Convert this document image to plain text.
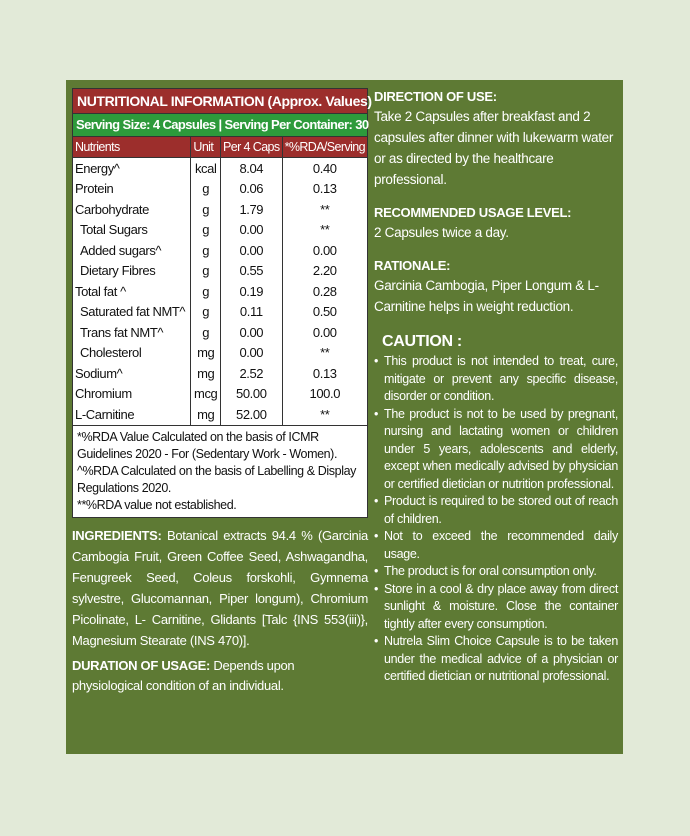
NUTRITIONAL INFORMATION (Approx. Values)
Serving Size: 4 Capsules | Serving Per Container: 30
Nutrients	Unit	Per 4 Caps	*%RDA/Serving
Energy^	kcal	8.04	0.40
Protein	g	0.06	0.13
Carbohydrate	g	1.79	**
Total Sugars	g	0.00	**
Added sugars^	g	0.00	0.00
Dietary Fibres	g	0.55	2.20
Total fat ^	g	0.19	0.28
Saturated fat NMT^	g	0.11	0.50
Trans fat NMT^	g	0.00	0.00
Cholesterol	mg	0.00	**
Sodium^	mg	2.52	0.13
Chromium	mcg	50.00	100.0
L-Carnitine	mg	52.00	**
*%RDA Value Calculated on the basis of ICMR Guidelines 2020 - For (Sedentary Work - Women).
^%RDA Calculated on the basis of Labelling & Display Regulations 2020.
**%RDA value not established.
INGREDIENTS: Botanical extracts 94.4 % (Garcinia Cambogia Fruit, Green Coffee Seed, Ashwagandha, Fenugreek Seed, Coleus forskohli, Gymnema sylvestre, Glucomannan, Piper longum), Chromium Picolinate, L- Carnitine, Glidants [Talc {INS 553(iii)}, Magnesium Stearate (INS 470)].
DURATION OF USAGE: Depends upon physiological condition of an individual.
DIRECTION OF USE:
Take 2 Capsules after breakfast and 2 capsules after dinner with lukewarm water or as directed by the healthcare professional.
RECOMMENDED USAGE LEVEL:
2 Capsules twice a day.
RATIONALE:
Garcinia Cambogia, Piper Longum & L-Carnitine helps in weight reduction.
CAUTION :
• This product is not intended to treat, cure, mitigate or prevent any specific disease, disorder or condition.
• The product is not to be used by pregnant, nursing and lactating women or children under 5 years, adolescents and elderly, except when medically advised by physician or certified dietician or nutrition professional.
• Product is required to be stored out of reach of children.
• Not to exceed the recommended daily usage.
• The product is for oral consumption only.
• Store in a cool & dry place away from direct sunlight & moisture. Close the container tightly after every consumption.
• Nutrela Slim Choice Capsule is to be taken under the medical advice of a physician or certified dietician or nutritional professional.
